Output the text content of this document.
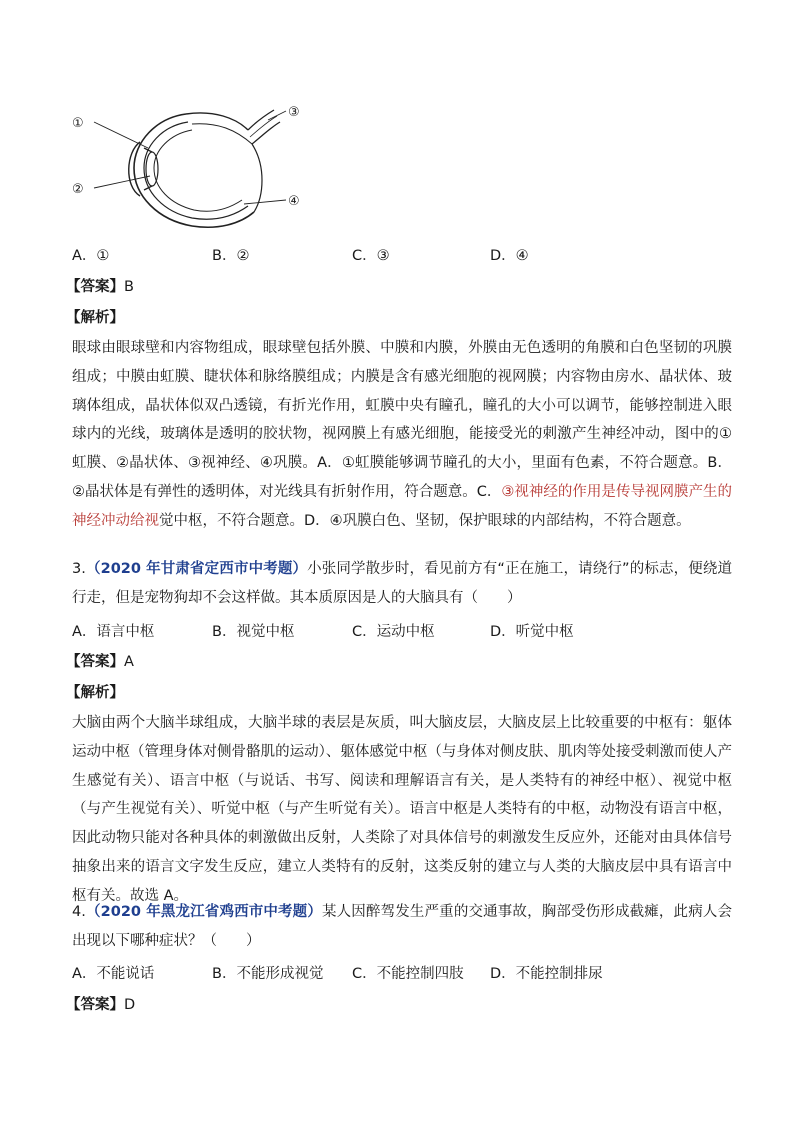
①
②
③
④
A．①	B．②	C．③	D．④
【答案】B
【解析】
眼球由眼球壁和内容物组成，眼球壁包括外膜、中膜和内膜，外膜由无色透明的角膜和白色坚韧的巩膜组成；中膜由虹膜、睫状体和脉络膜组成；内膜是含有感光细胞的视网膜；内容物由房水、晶状体、玻璃体组成，晶状体似双凸透镜，有折光作用，虹膜中央有瞳孔，瞳孔的大小可以调节，能够控制进入眼球内的光线，玻璃体是透明的胶状物，视网膜上有感光细胞，能接受光的刺激产生神经冲动，图中的①虹膜、②晶状体、③视神经、④巩膜。A．①虹膜能够调节瞳孔的大小，里面有色素，不符合题意。B．②晶状体是有弹性的透明体，对光线具有折射作用，符合题意。C．③视神经的作用是传导视网膜产生的神经冲动给视觉中枢，不符合题意。D．④巩膜白色、坚韧，保护眼球的内部结构，不符合题意。
3.（2020 年甘肃省定西市中考题）小张同学散步时，看见前方有“正在施工，请绕行”的标志，便绕道行走，但是宠物狗却不会这样做。其本质原因是人的大脑具有（　　）
A．语言中枢	B．视觉中枢	C．运动中枢	D．听觉中枢
【答案】A
【解析】
大脑由两个大脑半球组成，大脑半球的表层是灰质，叫大脑皮层，大脑皮层上比较重要的中枢有：躯体运动中枢（管理身体对侧骨骼肌的运动）、躯体感觉中枢（与身体对侧皮肤、肌肉等处接受刺激而使人产生感觉有关）、语言中枢（与说话、书写、阅读和理解语言有关，是人类特有的神经中枢）、视觉中枢（与产生视觉有关）、听觉中枢（与产生听觉有关）。语言中枢是人类特有的中枢，动物没有语言中枢，因此动物只能对各种具体的刺激做出反射，人类除了对具体信号的刺激发生反应外，还能对由具体信号抽象出来的语言文字发生反应，建立人类特有的反射，这类反射的建立与人类的大脑皮层中具有语言中枢有关。故选 A。
4.（2020 年黑龙江省鸡西市中考题）某人因醉驾发生严重的交通事故，胸部受伤形成截瘫，此病人会出现以下哪种症状？（　　）
A．不能说话	B．不能形成视觉 C．不能控制四肢 D．不能控制排尿
【答案】D
